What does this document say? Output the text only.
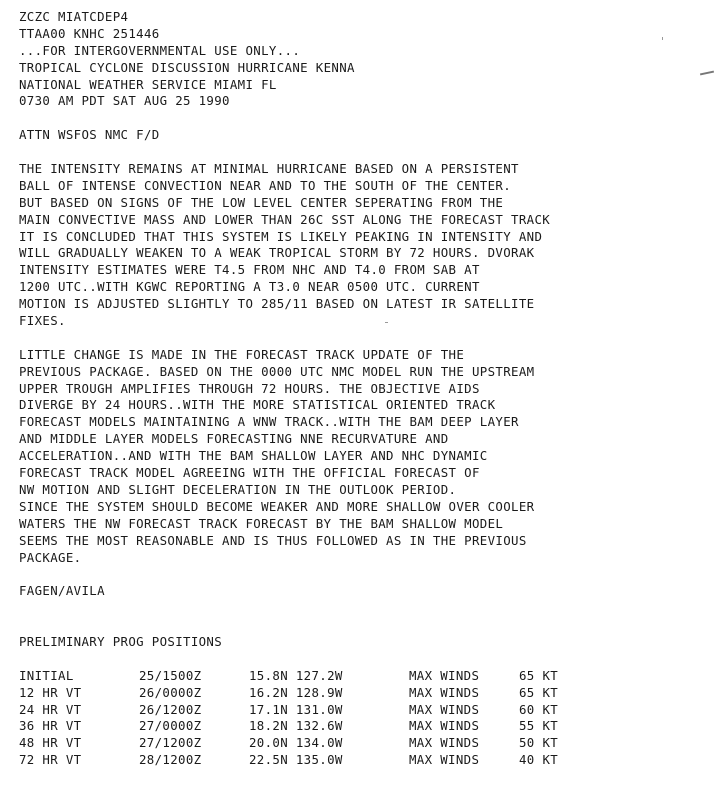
ZCZC MIATCDEP4
TTAA00 KNHC 251446
...FOR INTERGOVERNMENTAL USE ONLY...
TROPICAL CYCLONE DISCUSSION HURRICANE KENNA
NATIONAL WEATHER SERVICE MIAMI FL
0730 AM PDT SAT AUG 25 1990
ATTN WSFOS NMC F/D
THE INTENSITY REMAINS AT MINIMAL HURRICANE BASED ON A PERSISTENT
BALL OF INTENSE CONVECTION NEAR AND TO THE SOUTH OF THE CENTER.
BUT BASED ON SIGNS OF THE LOW LEVEL CENTER SEPERATING FROM THE
MAIN CONVECTIVE MASS AND LOWER THAN 26C SST ALONG THE FORECAST TRACK
IT IS CONCLUDED THAT THIS SYSTEM IS LIKELY PEAKING IN INTENSITY AND
WILL GRADUALLY WEAKEN TO A WEAK TROPICAL STORM BY 72 HOURS. DVORAK
INTENSITY ESTIMATES WERE T4.5 FROM NHC AND T4.0 FROM SAB AT
1200 UTC..WITH KGWC REPORTING A T3.0 NEAR 0500 UTC. CURRENT
MOTION IS ADJUSTED SLIGHTLY TO 285/11 BASED ON LATEST IR SATELLITE
FIXES.
LITTLE CHANGE IS MADE IN THE FORECAST TRACK UPDATE OF THE
PREVIOUS PACKAGE. BASED ON THE 0000 UTC NMC MODEL RUN THE UPSTREAM
UPPER TROUGH AMPLIFIES THROUGH 72 HOURS. THE OBJECTIVE AIDS
DIVERGE BY 24 HOURS..WITH THE MORE STATISTICAL ORIENTED TRACK
FORECAST MODELS MAINTAINING A WNW TRACK..WITH THE BAM DEEP LAYER
AND MIDDLE LAYER MODELS FORECASTING NNE RECURVATURE AND
ACCELERATION..AND WITH THE BAM SHALLOW LAYER AND NHC DYNAMIC
FORECAST TRACK MODEL AGREEING WITH THE OFFICIAL FORECAST OF
NW MOTION AND SLIGHT DECELERATION IN THE OUTLOOK PERIOD.
SINCE THE SYSTEM SHOULD BECOME WEAKER AND MORE SHALLOW OVER COOLER
WATERS THE NW FORECAST TRACK FORECAST BY THE BAM SHALLOW MODEL
SEEMS THE MOST REASONABLE AND IS THUS FOLLOWED AS IN THE PREVIOUS
PACKAGE.
FAGEN/AVILA
PRELIMINARY PROG POSITIONS
INITIAL	25/1500Z	15.8N 127.2W	MAX WINDS	65 KT
12 HR VT	26/0000Z	16.2N 128.9W	MAX WINDS	65 KT
24 HR VT	26/1200Z	17.1N 131.0W	MAX WINDS	60 KT
36 HR VT	27/0000Z	18.2N 132.6W	MAX WINDS	55 KT
48 HR VT	27/1200Z	20.0N 134.0W	MAX WINDS	50 KT
72 HR VT	28/1200Z	22.5N 135.0W	MAX WINDS	40 KT
